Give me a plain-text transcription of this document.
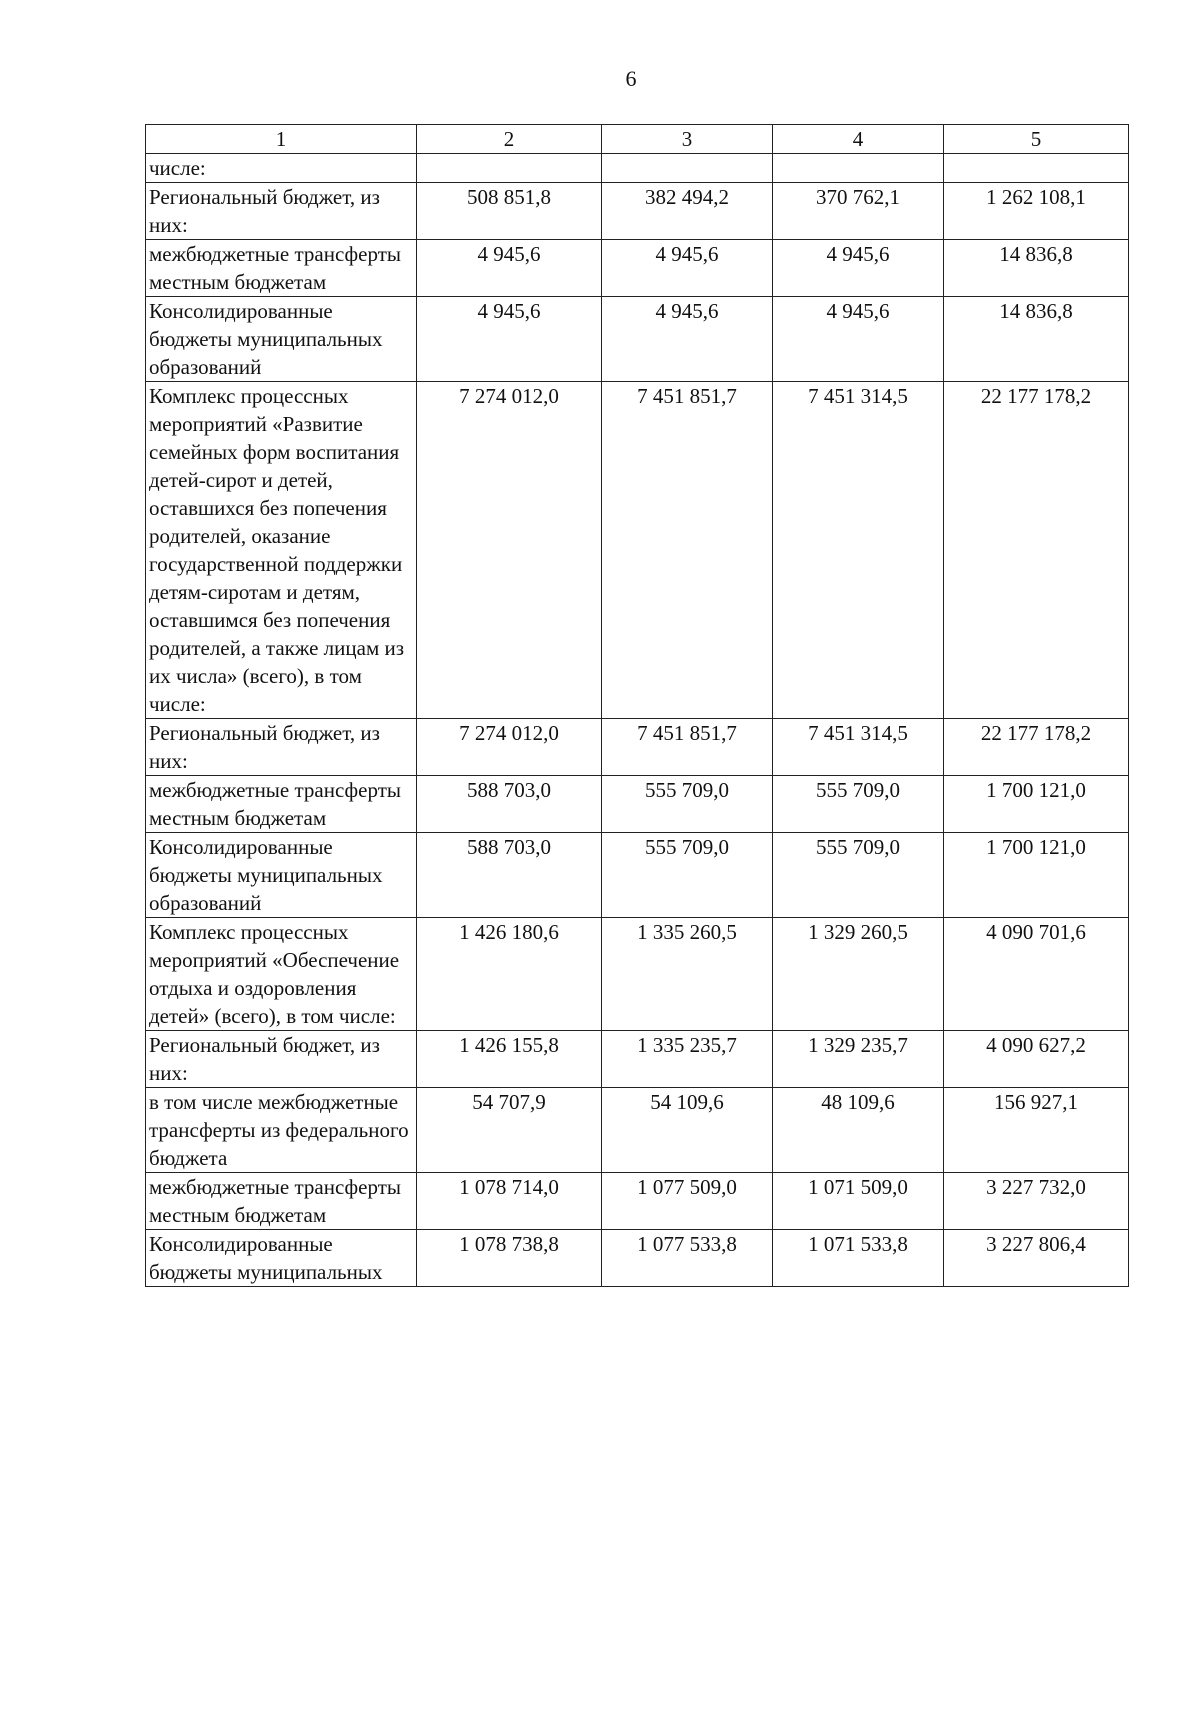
6
1	2	3	4	5
числе:				
Региональный бюджет, из них:	508 851,8	382 494,2	370 762,1	1 262 108,1
межбюджетные трансферты местным бюджетам	4 945,6	4 945,6	4 945,6	14 836,8
Консолидированные бюджеты муниципальных образований	4 945,6	4 945,6	4 945,6	14 836,8
Комплекс процессных мероприятий «Развитие семейных форм воспитания детей-сирот и детей, оставшихся без попечения родителей, оказание государственной поддержки детям-сиротам и детям, оставшимся без попечения родителей, а также лицам из их числа» (всего), в том числе:	7 274 012,0	7 451 851,7	7 451 314,5	22 177 178,2
Региональный бюджет, из них:	7 274 012,0	7 451 851,7	7 451 314,5	22 177 178,2
межбюджетные трансферты местным бюджетам	588 703,0	555 709,0	555 709,0	1 700 121,0
Консолидированные бюджеты муниципальных образований	588 703,0	555 709,0	555 709,0	1 700 121,0
Комплекс процессных мероприятий «Обеспечение отдыха и оздоровления детей» (всего), в том числе:	1 426 180,6	1 335 260,5	1 329 260,5	4 090 701,6
Региональный бюджет, из них:	1 426 155,8	1 335 235,7	1 329 235,7	4 090 627,2
в том числе межбюджетные трансферты из федерального бюджета	54 707,9	54 109,6	48 109,6	156 927,1
межбюджетные трансферты местным бюджетам	1 078 714,0	1 077 509,0	1 071 509,0	3 227 732,0
Консолидированные бюджеты муниципальных	1 078 738,8	1 077 533,8	1 071 533,8	3 227 806,4
